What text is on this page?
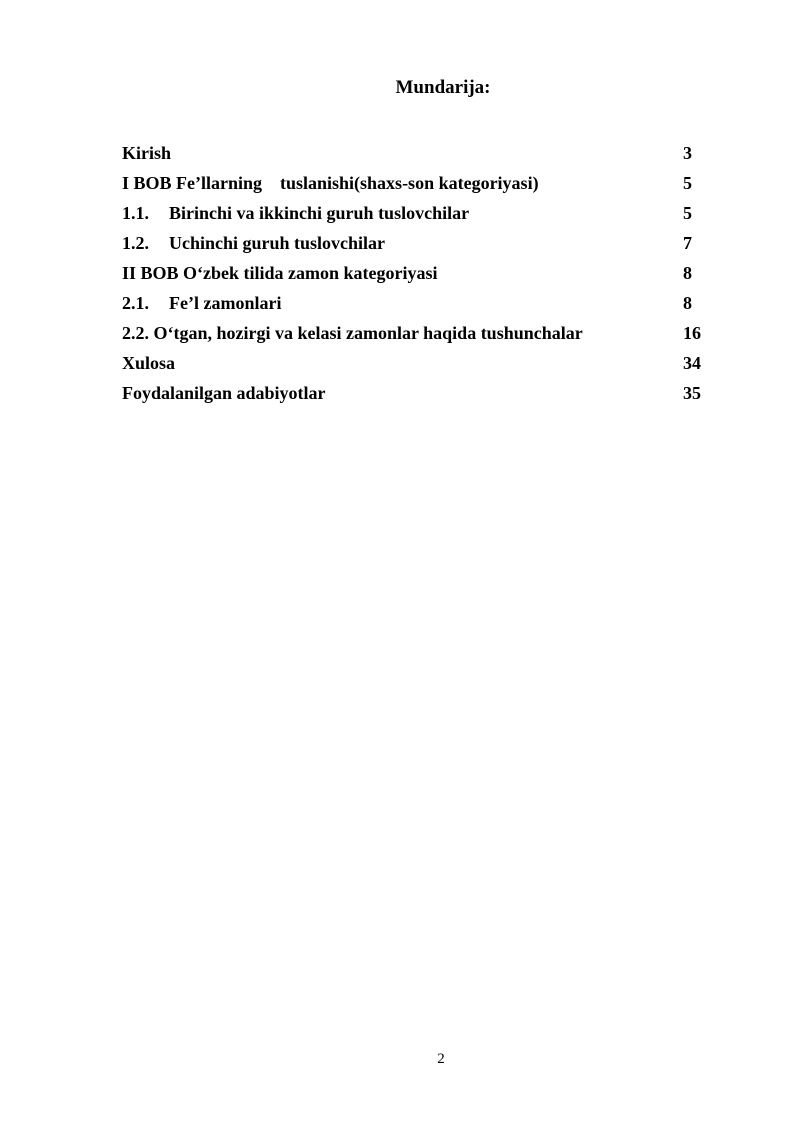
Mundarija:
Kirish	3
I BOB Fe’llarning    tuslanishi(shaxs-son kategoriyasi)	5
1.1. Birinchi va ikkinchi guruh tuslovchilar	5
1.2. Uchinchi guruh tuslovchilar	7
II BOB O‘zbek tilida zamon kategoriyasi	8
2.1. Fe’l zamonlari	8
2.2. O‘tgan, hozirgi va kelasi zamonlar haqida tushunchalar	16
Xulosa	34
Foydalanilgan adabiyotlar	35
2
